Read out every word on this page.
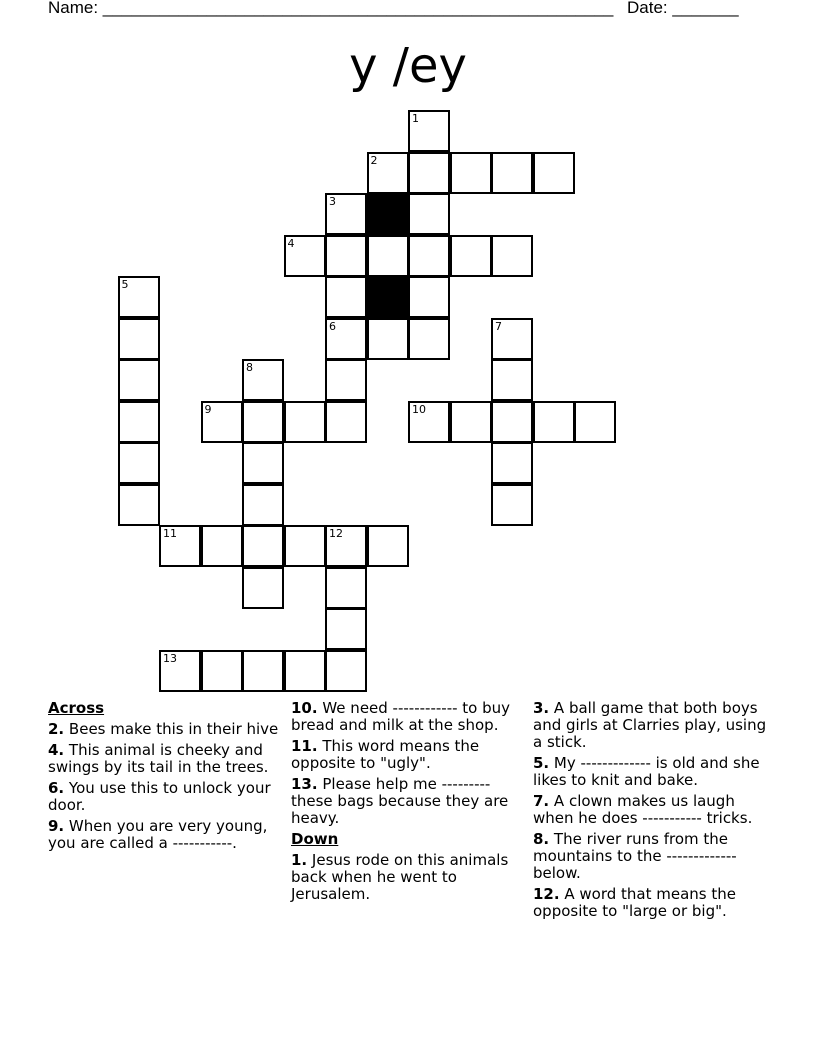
Name: ______________________________________________________ Date: _______
y /ey
1
2
3
4
5
6	7
8
9	10
11	12
13
Across
2. Bees make this in their hive
4. This animal is cheeky and swings by its tail in the trees.
6. You use this to unlock your door.
9. When you are very young, you are called a -----------.
10. We need ------------ to buy bread and milk at the shop.
11. This word means the opposite to "ugly".
13. Please help me --------- these bags because they are heavy.
Down
1. Jesus rode on this animals back when he went to Jerusalem.
3. A ball game that both boys and girls at Clarries play, using a stick.
5. My ------------- is old and she likes to knit and bake.
7. A clown makes us laugh when he does ----------- tricks.
8. The river runs from the mountains to the ------------- below.
12. A word that means the opposite to "large or big".
